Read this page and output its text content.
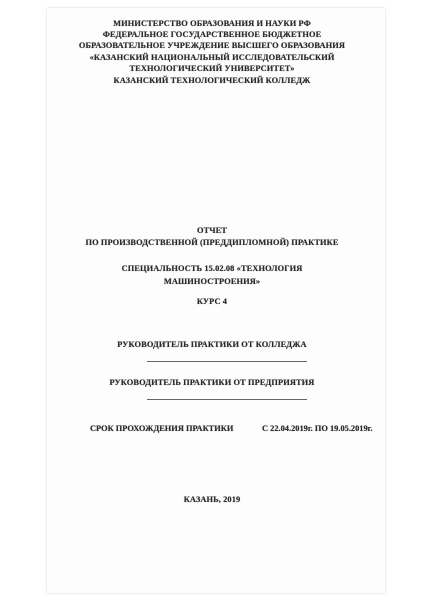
МИНИСТЕРСТВО ОБРАЗОВАНИЯ И НАУКИ РФ
ФЕДЕРАЛЬНОЕ ГОСУДАРСТВЕННОЕ БЮДЖЕТНОЕ
ОБРАЗОВАТЕЛЬНОЕ УЧРЕЖДЕНИЕ ВЫСШЕГО ОБРАЗОВАНИЯ
«КАЗАНСКИЙ НАЦИОНАЛЬНЫЙ ИССЛЕДОВАТЕЛЬСКИЙ
ТЕХНОЛОГИЧЕСКИЙ УНИВЕРСИТЕТ»
КАЗАНСКИЙ ТЕХНОЛОГИЧЕСКИЙ КОЛЛЕДЖ
ОТЧЕТ
ПО ПРОИЗВОДСТВЕННОЙ (ПРЕДДИПЛОМНОЙ) ПРАКТИКЕ
СПЕЦИАЛЬНОСТЬ 15.02.08 «ТЕХНОЛОГИЯ
МАШИНОСТРОЕНИЯ»
КУРС 4
РУКОВОДИТЕЛЬ ПРАКТИКИ ОТ КОЛЛЕДЖА
РУКОВОДИТЕЛЬ ПРАКТИКИ ОТ ПРЕДПРИЯТИЯ
СРОК ПРОХОЖДЕНИЯ ПРАКТИКИ	С 22.04.2019г. ПО 19.05.2019г.
КАЗАНЬ, 2019
